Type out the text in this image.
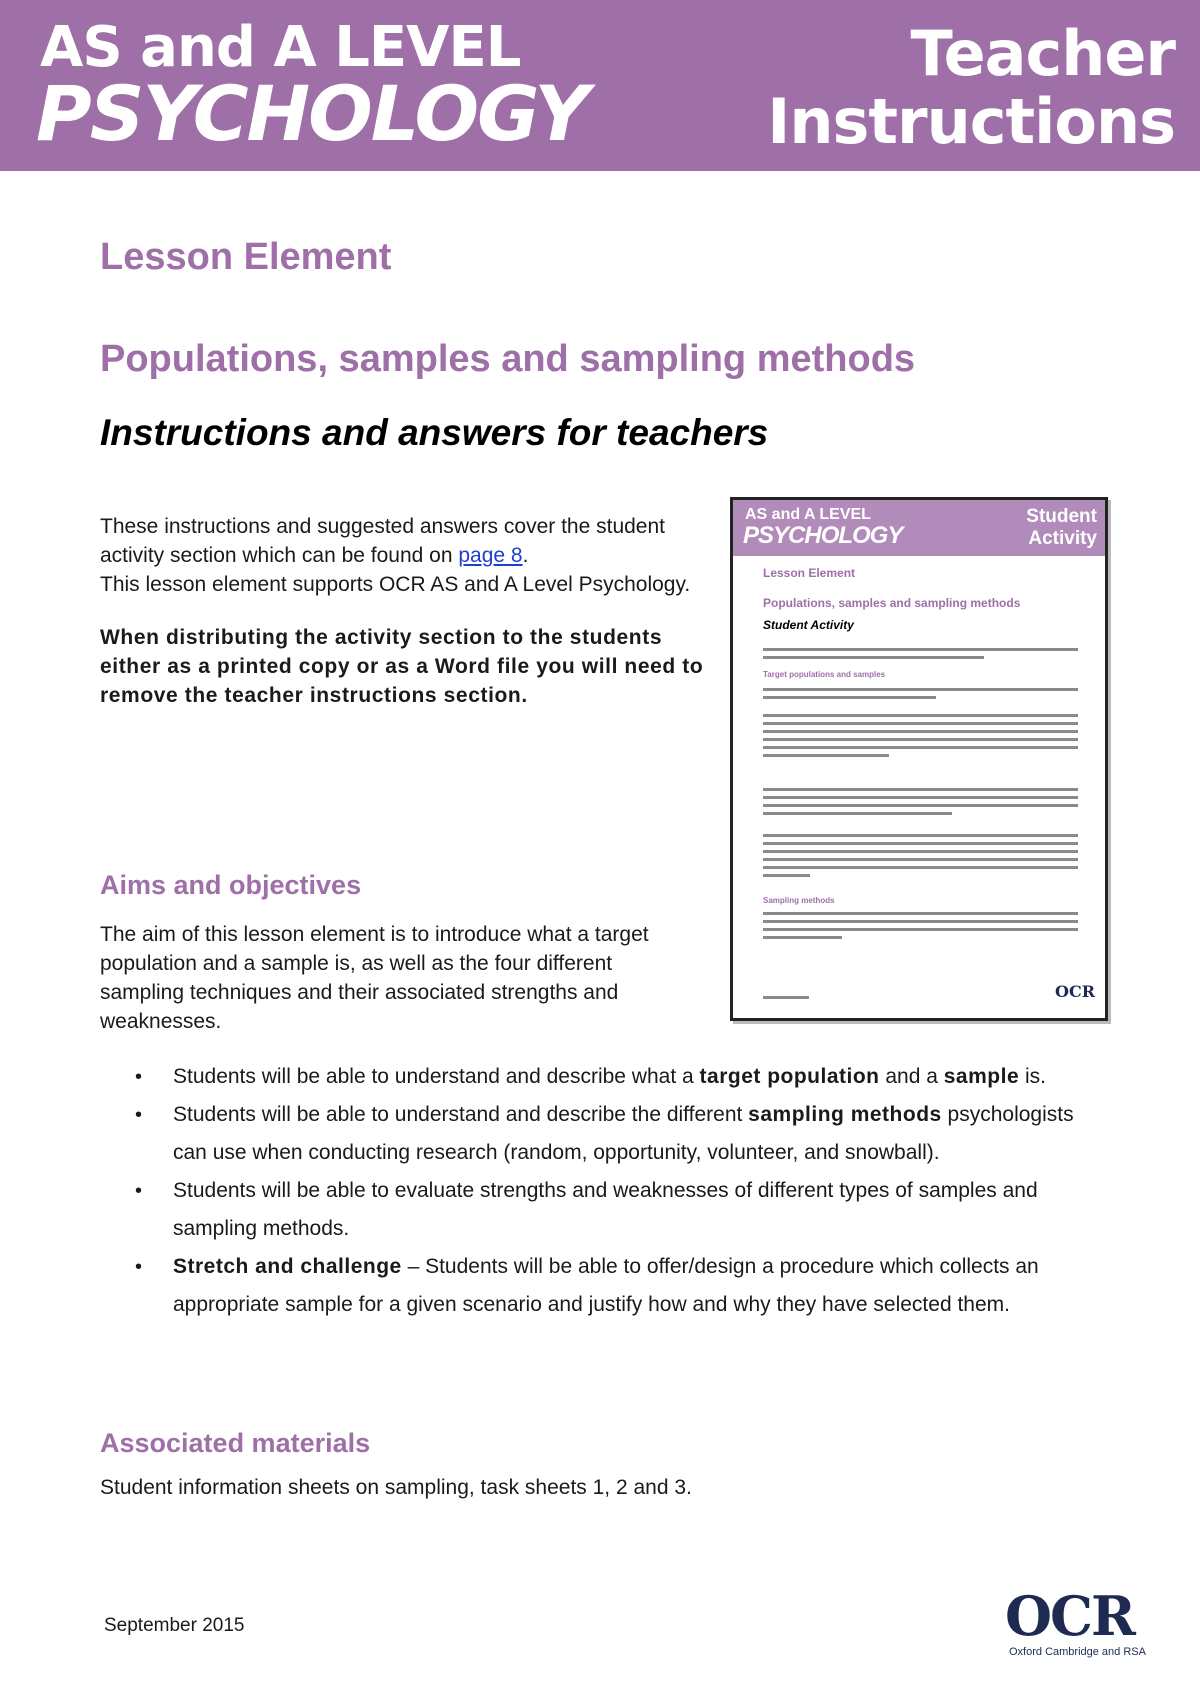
AS and A LEVEL
PSYCHOLOGY
Teacher
Instructions
Lesson Element
Populations, samples and sampling methods
Instructions and answers for teachers

These instructions and suggested answers cover the student activity section which can be found on page 8.

This lesson element supports OCR AS and A Level Psychology.

When distributing the activity section to the students either as a printed copy or as a Word file you will need to remove the teacher instructions section.

Aims and objectives

The aim of this lesson element is to introduce what a target population and a sample is, as well as the four different sampling techniques and their associated strengths and weaknesses.

• Students will be able to understand and describe what a target population and a sample is.
• Students will be able to understand and describe the different sampling methods psychologists can use when conducting research (random, opportunity, volunteer, and snowball).
• Students will be able to evaluate strengths and weaknesses of different types of samples and sampling methods.
• Stretch and challenge – Students will be able to offer/design a procedure which collects an appropriate sample for a given scenario and justify how and why they have selected them.
Associated materials

Student information sheets on sampling, task sheets 1, 2 and 3.

AS and A LEVEL
PSYCHOLOGY
Student
Activity
Lesson Element
Populations, samples and sampling methods
Student Activity
Target populations and samples
Sampling methods
OCR
September 2015	OCR
Oxford Cambridge and RSA
